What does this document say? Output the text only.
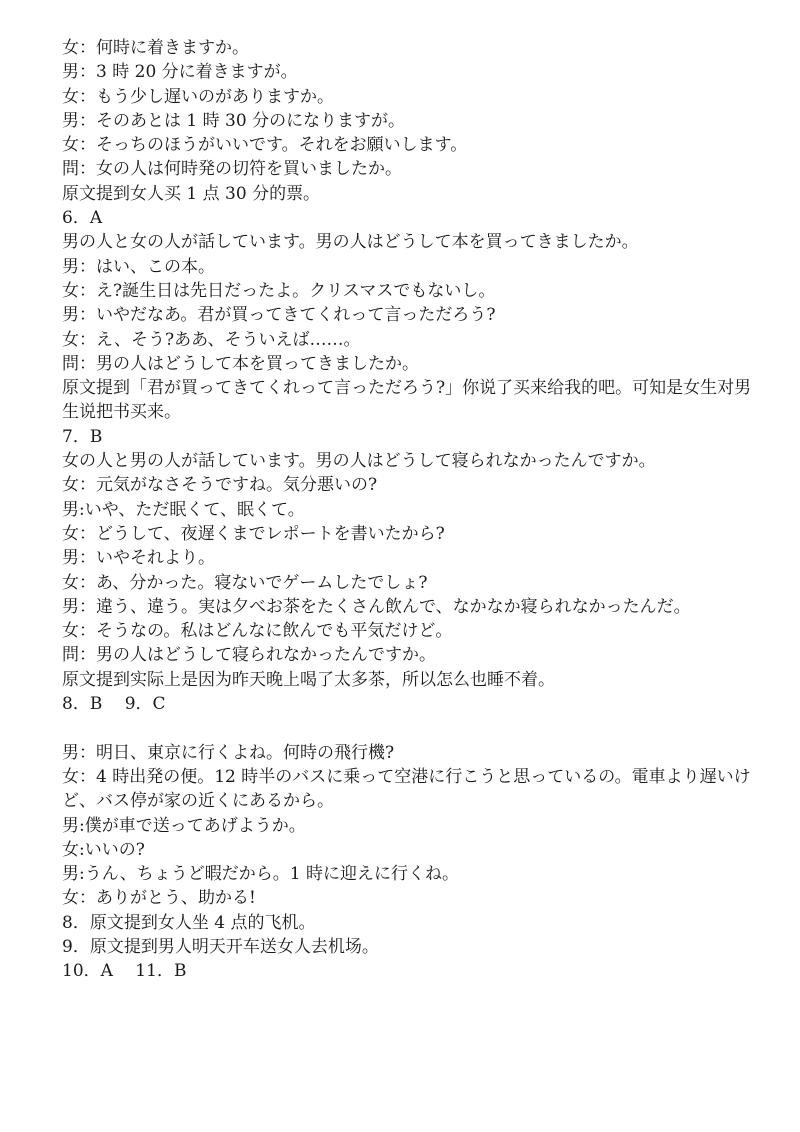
女：何時に着きますか。
男：3 時 20 分に着きますが。
女：もう少し遅いのがありますか。
男：そのあとは 1 時 30 分のになりますが。
女：そっちのほうがいいです。それをお願いします。
問：女の人は何時発の切符を買いましたか。
原文提到女人买 1 点 30 分的票。
6．A
男の人と女の人が話しています。男の人はどうして本を買ってきましたか。
男：はい、この本。
女：え?誕生日は先日だったよ。クリスマスでもないし。
男：いやだなあ。君が買ってきてくれって言っただろう?
女：え、そう?ああ、そういえば……。
問：男の人はどうして本を買ってきましたか。
原文提到「君が買ってきてくれって言っただろう?」你说了买来给我的吧。可知是女生对男生说把书买来。
7．B
女の人と男の人が話しています。男の人はどうして寝られなかったんですか。
女：元気がなさそうですね。気分悪いの?
男:いや、ただ眠くて、眠くて。
女：どうして、夜遅くまでレポートを書いたから?
男：いやそれより。
女：あ、分かった。寝ないでゲームしたでしょ?
男：違う、違う。実は夕べお茶をたくさん飲んで、なかなか寝られなかったんだ。
女：そうなの。私はどんなに飲んでも平気だけど。
問：男の人はどうして寝られなかったんですか。
原文提到实际上是因为昨天晚上喝了太多茶，所以怎么也睡不着。
8．B　 9．C
男：明日、東京に行くよね。何時の飛行機?
女：4 時出発の便。12 時半のバスに乗って空港に行こうと思っているの。電車より遅いけど、バス停が家の近くにあるから。
男:僕が車で送ってあげようか。
女:いいの?
男:うん、ちょうど暇だから。1 時に迎えに行くね。
女：ありがとう、助かる!
8．原文提到女人坐 4 点的飞机。
9．原文提到男人明天开车送女人去机场。
10．A　 11．B
